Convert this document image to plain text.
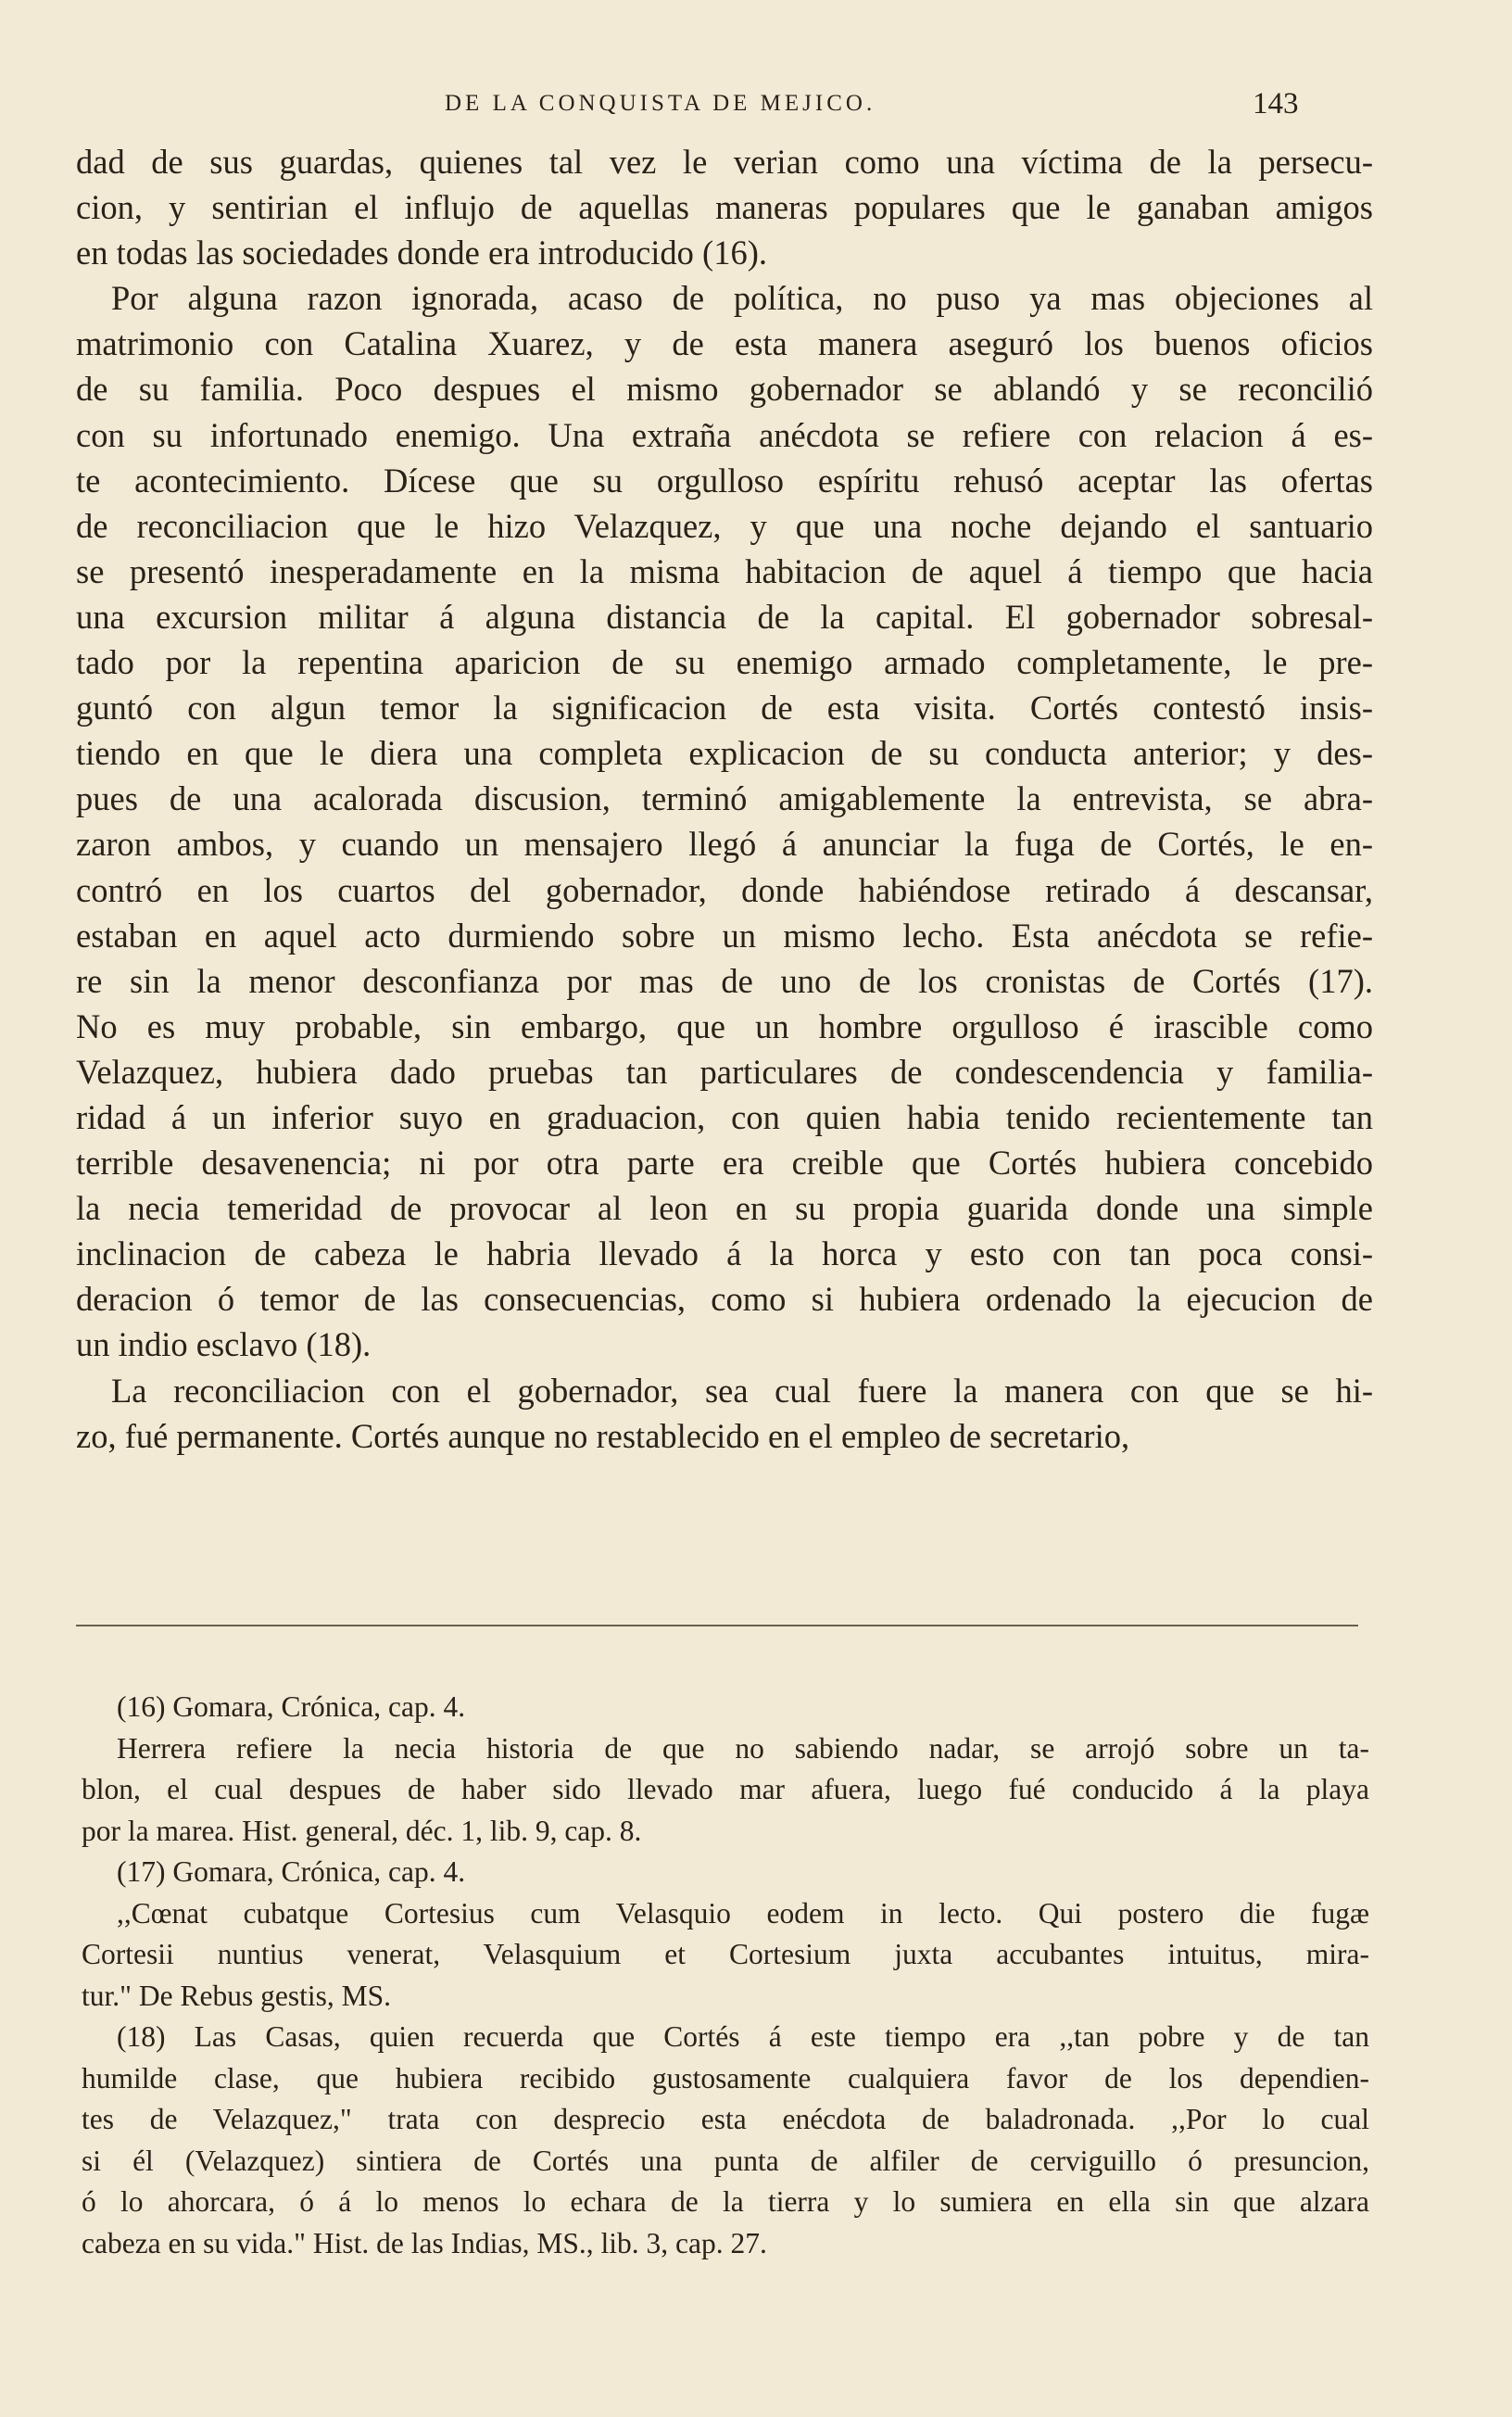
DE LA CONQUISTA DE MEJICO.	143
dad de sus guardas, quienes tal vez le verian como una víctima de la persecu-
cion, y sentirian el influjo de aquellas maneras populares que le ganaban amigos
en todas las sociedades donde era introducido (16).
Por alguna razon ignorada, acaso de política, no puso ya mas objeciones al
matrimonio con Catalina Xuarez, y de esta manera aseguró los buenos oficios
de su familia. Poco despues el mismo gobernador se ablandó y se reconcilió
con su infortunado enemigo. Una extraña anécdota se refiere con relacion á es-
te acontecimiento. Dícese que su orgulloso espíritu rehusó aceptar las ofertas
de reconciliacion que le hizo Velazquez, y que una noche dejando el santuario
se presentó inesperadamente en la misma habitacion de aquel á tiempo que hacia
una excursion militar á alguna distancia de la capital. El gobernador sobresal-
tado por la repentina aparicion de su enemigo armado completamente, le pre-
guntó con algun temor la significacion de esta visita. Cortés contestó insis-
tiendo en que le diera una completa explicacion de su conducta anterior; y des-
pues de una acalorada discusion, terminó amigablemente la entrevista, se abra-
zaron ambos, y cuando un mensajero llegó á anunciar la fuga de Cortés, le en-
contró en los cuartos del gobernador, donde habiéndose retirado á descansar,
estaban en aquel acto durmiendo sobre un mismo lecho. Esta anécdota se refie-
re sin la menor desconfianza por mas de uno de los cronistas de Cortés (17).
No es muy probable, sin embargo, que un hombre orgulloso é irascible como
Velazquez, hubiera dado pruebas tan particulares de condescendencia y familia-
ridad á un inferior suyo en graduacion, con quien habia tenido recientemente tan
terrible desavenencia; ni por otra parte era creible que Cortés hubiera concebido
la necia temeridad de provocar al leon en su propia guarida donde una simple
inclinacion de cabeza le habria llevado á la horca y esto con tan poca consi-
deracion ó temor de las consecuencias, como si hubiera ordenado la ejecucion de
un indio esclavo (18).
La reconciliacion con el gobernador, sea cual fuere la manera con que se hi-
zo, fué permanente. Cortés aunque no restablecido en el empleo de secretario,
(16) Gomara, Crónica, cap. 4.
Herrera refiere la necia historia de que no sabiendo nadar, se arrojó sobre un ta-
blon, el cual despues de haber sido llevado mar afuera, luego fué conducido á la playa
por la marea. Hist. general, déc. 1, lib. 9, cap. 8.
(17) Gomara, Crónica, cap. 4.
,,Cœnat cubatque Cortesius cum Velasquio eodem in lecto. Qui postero die fugæ
Cortesii nuntius venerat, Velasquium et Cortesium juxta accubantes intuitus, mira-
tur." De Rebus gestis, MS.
(18) Las Casas, quien recuerda que Cortés á este tiempo era ,,tan pobre y de tan
humilde clase, que hubiera recibido gustosamente cualquiera favor de los dependien-
tes de Velazquez," trata con desprecio esta enécdota de baladronada. ,,Por lo cual
si él (Velazquez) sintiera de Cortés una punta de alfiler de cerviguillo ó presuncion,
ó lo ahorcara, ó á lo menos lo echara de la tierra y lo sumiera en ella sin que alzara
cabeza en su vida." Hist. de las Indias, MS., lib. 3, cap. 27.
